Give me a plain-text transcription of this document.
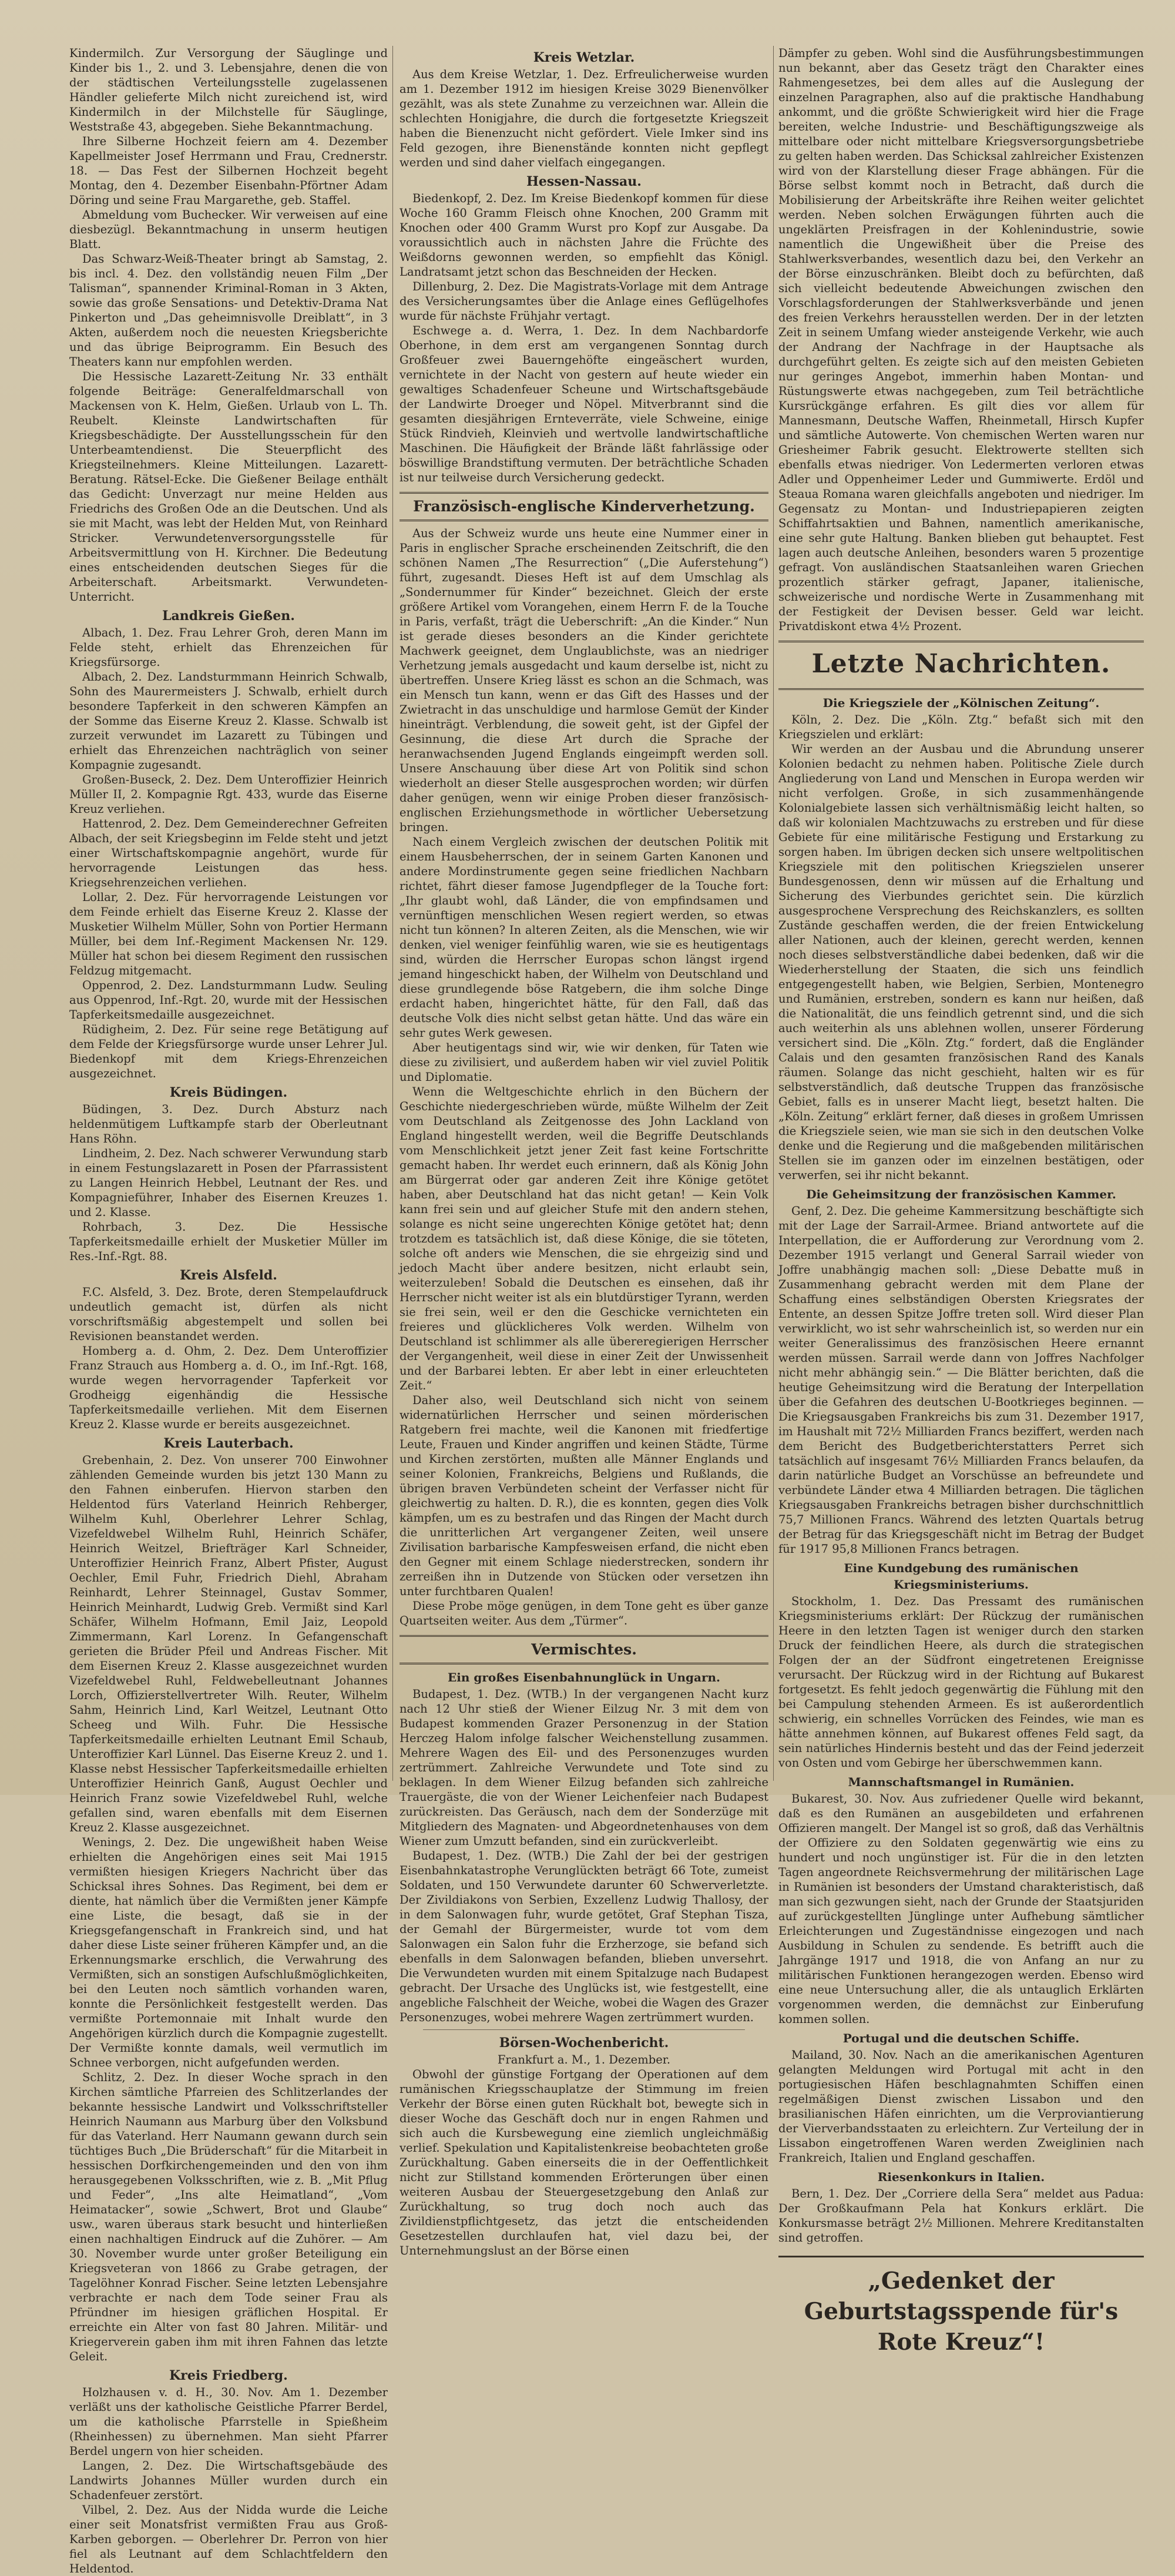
Kindermilch. Zur Versorgung der Säuglinge und Kinder bis 1., 2. und 3. Lebensjahre, denen die von der städtischen Verteilungsstelle zugelassenen Händler gelieferte Milch nicht zureichend ist, wird Kindermilch in der Milchstelle für Säuglinge, Weststraße 43, abgegeben. Siehe Bekanntmachung.

Ihre Silberne Hochzeit feiern am 4. Dezember Kapellmeister Josef Herrmann und Frau, Crednerstr. 18. — Das Fest der Silbernen Hochzeit begeht Montag, den 4. Dezember Eisenbahn-Pförtner Adam Döring und seine Frau Margarethe, geb. Staffel.

Abmeldung vom Buchecker. Wir verweisen auf eine diesbezügl. Bekanntmachung in unserm heutigen Blatt.

Das Schwarz-Weiß-Theater bringt ab Samstag, 2. bis incl. 4. Dez. den vollständig neuen Film „Der Talisman“, spannender Kriminal-Roman in 3 Akten, sowie das große Sensations- und Detektiv-Drama Nat Pinkerton und „Das geheimnisvolle Dreiblatt“, in 3 Akten, außerdem noch die neuesten Kriegsberichte und das übrige Beiprogramm. Ein Besuch des Theaters kann nur empfohlen werden.

Die Hessische Lazarett-Zeitung Nr. 33 enthält folgende Beiträge: Generalfeldmarschall von Mackensen von K. Helm, Gießen. Urlaub von L. Th. Reubelt. Kleinste Landwirtschaften für Kriegsbeschädigte. Der Ausstellungsschein für den Unterbeamtendienst. Die Steuerpflicht des Kriegsteilnehmers. Kleine Mitteilungen. Lazarett-Beratung. Rätsel-Ecke. Die Gießener Beilage enthält das Gedicht: Unverzagt nur meine Helden aus Friedrichs des Großen Ode an die Deutschen. Und als sie mit Macht, was lebt der Helden Mut, von Reinhard Stricker. Verwundetenversorgungsstelle für Arbeitsvermittlung von H. Kirchner. Die Bedeutung eines entscheidenden deutschen Sieges für die Arbeiterschaft. Arbeitsmarkt. Verwundeten-Unterricht.

Landkreis Gießen.

Albach, 1. Dez. Frau Lehrer Groh, deren Mann im Felde steht, erhielt das Ehrenzeichen für Kriegsfürsorge.

Albach, 2. Dez. Landsturmmann Heinrich Schwalb, Sohn des Maurermeisters J. Schwalb, erhielt durch besondere Tapferkeit in den schweren Kämpfen an der Somme das Eiserne Kreuz 2. Klasse. Schwalb ist zurzeit verwundet im Lazarett zu Tübingen und erhielt das Ehrenzeichen nachträglich von seiner Kompagnie zugesandt.

Großen-Buseck, 2. Dez. Dem Unteroffizier Heinrich Müller II, 2. Kompagnie Rgt. 433, wurde das Eiserne Kreuz verliehen.

Hattenrod, 2. Dez. Dem Gemeinderechner Gefreiten Albach, der seit Kriegsbeginn im Felde steht und jetzt einer Wirtschaftskompagnie angehört, wurde für hervorragende Leistungen das hess. Kriegsehrenzeichen verliehen.

Lollar, 2. Dez. Für hervorragende Leistungen vor dem Feinde erhielt das Eiserne Kreuz 2. Klasse der Musketier Wilhelm Müller, Sohn von Portier Hermann Müller, bei dem Inf.-Regiment Mackensen Nr. 129. Müller hat schon bei diesem Regiment den russischen Feldzug mitgemacht.

Oppenrod, 2. Dez. Landsturmmann Ludw. Seuling aus Oppenrod, Inf.-Rgt. 20, wurde mit der Hessischen Tapferkeitsmedaille ausgezeichnet.

Rüdigheim, 2. Dez. Für seine rege Betätigung auf dem Felde der Kriegsfürsorge wurde unser Lehrer Jul. Biedenkopf mit dem Kriegs-Ehrenzeichen ausgezeichnet.

Kreis Büdingen.

Büdingen, 3. Dez. Durch Absturz nach heldenmütigem Luftkampfe starb der Oberleutnant Hans Röhn.

Lindheim, 2. Dez. Nach schwerer Verwundung starb in einem Festungslazarett in Posen der Pfarrassistent zu Langen Heinrich Hebbel, Leutnant der Res. und Kompagnieführer, Inhaber des Eisernen Kreuzes 1. und 2. Klasse.

Rohrbach, 3. Dez. Die Hessische Tapferkeitsmedaille erhielt der Musketier Müller im Res.-Inf.-Rgt. 88.

Kreis Alsfeld.

F.C. Alsfeld, 3. Dez. Brote, deren Stempelaufdruck undeutlich gemacht ist, dürfen als nicht vorschriftsmäßig abgestempelt und sollen bei Revisionen beanstandet werden.

Homberg a. d. Ohm, 2. Dez. Dem Unteroffizier Franz Strauch aus Homberg a. d. O., im Inf.-Rgt. 168, wurde wegen hervorragender Tapferkeit vor Grodheigg eigenhändig die Hessische Tapferkeitsmedaille verliehen. Mit dem Eisernen Kreuz 2. Klasse wurde er bereits ausgezeichnet.

Kreis Lauterbach.

Grebenhain, 2. Dez. Von unserer 700 Einwohner zählenden Gemeinde wurden bis jetzt 130 Mann zu den Fahnen einberufen. Hiervon starben den Heldentod fürs Vaterland Heinrich Rehberger, Wilhelm Kuhl, Oberlehrer Lehrer Schlag, Vizefeldwebel Wilhelm Ruhl, Heinrich Schäfer, Heinrich Weitzel, Briefträger Karl Schneider, Unteroffizier Heinrich Franz, Albert Pfister, August Oechler, Emil Fuhr, Friedrich Diehl, Abraham Reinhardt, Lehrer Steinnagel, Gustav Sommer, Heinrich Meinhardt, Ludwig Greb. Vermißt sind Karl Schäfer, Wilhelm Hofmann, Emil Jaiz, Leopold Zimmermann, Karl Lorenz. In Gefangenschaft gerieten die Brüder Pfeil und Andreas Fischer. Mit dem Eisernen Kreuz 2. Klasse ausgezeichnet wurden Vizefeldwebel Ruhl, Feldwebelleutnant Johannes Lorch, Offizierstellvertreter Wilh. Reuter, Wilhelm Sahm, Heinrich Lind, Karl Weitzel, Leutnant Otto Scheeg und Wilh. Fuhr. Die Hessische Tapferkeitsmedaille erhielten Leutnant Emil Schaub, Unteroffizier Karl Lünnel. Das Eiserne Kreuz 2. und 1. Klasse nebst Hessischer Tapferkeitsmedaille erhielten Unteroffizier Heinrich Ganß, August Oechler und Heinrich Franz sowie Vizefeldwebel Ruhl, welche gefallen sind, waren ebenfalls mit dem Eisernen Kreuz 2. Klasse ausgezeichnet.

Wenings, 2. Dez. Die ungewißheit haben Weise erhielten die Angehörigen eines seit Mai 1915 vermißten hiesigen Kriegers Nachricht über das Schicksal ihres Sohnes. Das Regiment, bei dem er diente, hat nämlich über die Vermißten jener Kämpfe eine Liste, die besagt, daß sie in der Kriegsgefangenschaft in Frankreich sind, und hat daher diese Liste seiner früheren Kämpfer und, an die Erkennungsmarke erschlich, die Verwahrung des Vermißten, sich an sonstigen Aufschlußmöglichkeiten, bei den Leuten noch sämtlich vorhanden waren, konnte die Persönlichkeit festgestellt werden. Das vermißte Portemonnaie mit Inhalt wurde den Angehörigen kürzlich durch die Kompagnie zugestellt. Der Vermißte konnte damals, weil vermutlich im Schnee verborgen, nicht aufgefunden werden.

Schlitz, 2. Dez. In dieser Woche sprach in den Kirchen sämtliche Pfarreien des Schlitzerlandes der bekannte hessische Landwirt und Volksschriftsteller Heinrich Naumann aus Marburg über den Volksbund für das Vaterland. Herr Naumann gewann durch sein tüchtiges Buch „Die Brüderschaft“ für die Mitarbeit in hessischen Dorfkirchengemeinden und den von ihm herausgegebenen Volksschriften, wie z. B. „Mit Pflug und Feder“, „Ins alte Heimatland“, „Vom Heimatacker“, sowie „Schwert, Brot und Glaube“ usw., waren überaus stark besucht und hinterließen einen nachhaltigen Eindruck auf die Zuhörer. — Am 30. November wurde unter großer Beteiligung ein Kriegsveteran von 1866 zu Grabe getragen, der Tagelöhner Konrad Fischer. Seine letzten Lebensjahre verbrachte er nach dem Tode seiner Frau als Pfründner im hiesigen gräflichen Hospital. Er erreichte ein Alter von fast 80 Jahren. Militär- und Kriegerverein gaben ihm mit ihren Fahnen das letzte Geleit.

Kreis Friedberg.

Holzhausen v. d. H., 30. Nov. Am 1. Dezember verläßt uns der katholische Geistliche Pfarrer Berdel, um die katholische Pfarrstelle in Spießheim (Rheinhessen) zu übernehmen. Man sieht Pfarrer Berdel ungern von hier scheiden.

Langen, 2. Dez. Die Wirtschaftsgebäude des Landwirts Johannes Müller wurden durch ein Schadenfeuer zerstört.

Vilbel, 2. Dez. Aus der Nidda wurde die Leiche einer seit Monatsfrist vermißten Frau aus Groß-Karben geborgen. — Oberlehrer Dr. Perron von hier fiel als Leutnant auf dem Schlachtfeldern den Heldentod.

Kreis Wetzlar.

Aus dem Kreise Wetzlar, 1. Dez. Erfreulicherweise wurden am 1. Dezember 1912 im hiesigen Kreise 3029 Bienenvölker gezählt, was als stete Zunahme zu verzeichnen war. Allein die schlechten Honigjahre, die durch die fortgesetzte Kriegszeit haben die Bienenzucht nicht gefördert. Viele Imker sind ins Feld gezogen, ihre Bienenstände konnten nicht gepflegt werden und sind daher vielfach eingegangen.

Hessen-Nassau.

Biedenkopf, 2. Dez. Im Kreise Biedenkopf kommen für diese Woche 160 Gramm Fleisch ohne Knochen, 200 Gramm mit Knochen oder 400 Gramm Wurst pro Kopf zur Ausgabe. Da voraussichtlich auch in nächsten Jahre die Früchte des Weißdorns gewonnen werden, so empfiehlt das Königl. Landratsamt jetzt schon das Beschneiden der Hecken.

Dillenburg, 2. Dez. Die Magistrats-Vorlage mit dem Antrage des Versicherungsamtes über die Anlage eines Geflügelhofes wurde für nächste Frühjahr vertagt.

Eschwege a. d. Werra, 1. Dez. In dem Nachbardorfe Oberhone, in dem erst am vergangenen Sonntag durch Großfeuer zwei Bauerngehöfte eingeäschert wurden, vernichtete in der Nacht von gestern auf heute wieder ein gewaltiges Schadenfeuer Scheune und Wirtschaftsgebäude der Landwirte Droeger und Nöpel. Mitverbrannt sind die gesamten diesjährigen Ernteverräte, viele Schweine, einige Stück Rindvieh, Kleinvieh und wertvolle landwirtschaftliche Maschinen. Die Häufigkeit der Brände läßt fahrlässige oder böswillige Brandstiftung vermuten. Der beträchtliche Schaden ist nur teilweise durch Versicherung gedeckt.

Französisch-englische Kinderverhetzung.

Aus der Schweiz wurde uns heute eine Nummer einer in Paris in englischer Sprache erscheinenden Zeitschrift, die den schönen Namen „The Resurrection“ („Die Auferstehung“) führt, zugesandt. Dieses Heft ist auf dem Umschlag als „Sondernummer für Kinder“ bezeichnet. Gleich der erste größere Artikel vom Vorangehen, einem Herrn F. de la Touche in Paris, verfaßt, trägt die Ueberschrift: „An die Kinder.“ Nun ist gerade dieses besonders an die Kinder gerichtete Machwerk geeignet, dem Unglaublichste, was an niedriger Verhetzung jemals ausgedacht und kaum derselbe ist, nicht zu übertreffen. Unsere Krieg lässt es schon an die Schmach, was ein Mensch tun kann, wenn er das Gift des Hasses und der Zwietracht in das unschuldige und harmlose Gemüt der Kinder hineinträgt. Verblendung, die soweit geht, ist der Gipfel der Gesinnung, die diese Art durch die Sprache der heranwachsenden Jugend Englands eingeimpft werden soll. Unsere Anschauung über diese Art von Politik sind schon wiederholt an dieser Stelle ausgesprochen worden; wir dürfen daher genügen, wenn wir einige Proben dieser französisch-englischen Erziehungsmethode in wörtlicher Uebersetzung bringen.

Nach einem Vergleich zwischen der deutschen Politik mit einem Hausbeherrschen, der in seinem Garten Kanonen und andere Mordinstrumente gegen seine friedlichen Nachbarn richtet, fährt dieser famose Jugendpfleger de la Touche fort: „Ihr glaubt wohl, daß Länder, die von empfindsamen und vernünftigen menschlichen Wesen regiert werden, so etwas nicht tun können? In alteren Zeiten, als die Menschen, wie wir denken, viel weniger feinfühlig waren, wie sie es heutigentags sind, würden die Herrscher Europas schon längst irgend jemand hingeschickt haben, der Wilhelm von Deutschland und diese grundlegende böse Ratgebern, die ihm solche Dinge erdacht haben, hingerichtet hätte, für den Fall, daß das deutsche Volk dies nicht selbst getan hätte. Und das wäre ein sehr gutes Werk gewesen.

Aber heutigentags sind wir, wie wir denken, für Taten wie diese zu zivilisiert, und außerdem haben wir viel zuviel Politik und Diplomatie.

Wenn die Weltgeschichte ehrlich in den Büchern der Geschichte niedergeschrieben würde, müßte Wilhelm der Zeit vom Deutschland als Zeitgenosse des John Lackland von England hingestellt werden, weil die Begriffe Deutschlands vom Menschlichkeit jetzt jener Zeit fast keine Fortschritte gemacht haben. Ihr werdet euch erinnern, daß als König John am Bürgerrat oder gar anderen Zeit ihre Könige getötet haben, aber Deutschland hat das nicht getan! — Kein Volk kann frei sein und auf gleicher Stufe mit den andern stehen, solange es nicht seine ungerechten Könige getötet hat; denn trotzdem es tatsächlich ist, daß diese Könige, die sie töteten, solche oft anders wie Menschen, die sie ehrgeizig sind und jedoch Macht über andere besitzen, nicht erlaubt sein, weiterzuleben! Sobald die Deutschen es einsehen, daß ihr Herrscher nicht weiter ist als ein blutdürstiger Tyrann, werden sie frei sein, weil er den die Geschicke vernichteten ein freieres und glücklicheres Volk werden. Wilhelm von Deutschland ist schlimmer als alle übereregierigen Herrscher der Vergangenheit, weil diese in einer Zeit der Unwissenheit und der Barbarei lebten. Er aber lebt in einer erleuchteten Zeit.“

Daher also, weil Deutschland sich nicht von seinem widernatürlichen Herrscher und seinen mörderischen Ratgebern frei machte, weil die Kanonen mit friedfertige Leute, Frauen und Kinder angriffen und keinen Städte, Türme und Kirchen zerstörten, mußten alle Männer Englands und seiner Kolonien, Frankreichs, Belgiens und Rußlands, die übrigen braven Verbündeten scheint der Verfasser nicht für gleichwertig zu halten. D. R.), die es konnten, gegen dies Volk kämpfen, um es zu bestrafen und das Ringen der Macht durch die unritterlichen Art vergangener Zeiten, weil unsere Zivilisation barbarische Kampfesweisen erfand, die nicht eben den Gegner mit einem Schlage niederstrecken, sondern ihr zerreißen ihn in Dutzende von Stücken oder versetzen ihn unter furchtbaren Qualen!

Diese Probe möge genügen, in dem Tone geht es über ganze Quartseiten weiter. Aus dem „Türmer“.

Vermischtes.
Ein großes Eisenbahnunglück in Ungarn.

Budapest, 1. Dez. (WTB.) In der vergangenen Nacht kurz nach 12 Uhr stieß der Wiener Eilzug Nr. 3 mit dem von Budapest kommenden Grazer Personenzug in der Station Herczeg Halom infolge falscher Weichenstellung zusammen. Mehrere Wagen des Eil- und des Personenzuges wurden zertrümmert. Zahlreiche Verwundete und Tote sind zu beklagen. In dem Wiener Eilzug befanden sich zahlreiche Trauergäste, die von der Wiener Leichenfeier nach Budapest zurückreisten. Das Geräusch, nach dem der Sonderzüge mit Mitgliedern des Magnaten- und Abgeordnetenhauses von dem Wiener zum Umzutt befanden, sind ein zurückverleibt.

Budapest, 1. Dez. (WTB.) Die Zahl der bei der gestrigen Eisenbahnkatastrophe Verunglückten beträgt 66 Tote, zumeist Soldaten, und 150 Verwundete darunter 60 Schwerverletzte. Der Zivildiakons von Serbien, Exzellenz Ludwig Thallosy, der in dem Salonwagen fuhr, wurde getötet, Graf Stephan Tisza, der Gemahl der Bürgermeister, wurde tot vom dem Salonwagen ein Salon fuhr die Erzherzoge, sie befand sich ebenfalls in dem Salonwagen befanden, blieben unversehrt. Die Verwundeten wurden mit einem Spitalzuge nach Budapest gebracht. Der Ursache des Unglücks ist, wie festgestellt, eine angebliche Falschheit der Weiche, wobei die Wagen des Grazer Personenzuges, wobei mehrere Wagen zertrümmert wurden.

Börsen-Wochenbericht.

Frankfurt a. M., 1. Dezember.

Obwohl der günstige Fortgang der Operationen auf dem rumänischen Kriegsschauplatze der Stimmung im freien Verkehr der Börse einen guten Rückhalt bot, bewegte sich in dieser Woche das Geschäft doch nur in engen Rahmen und sich auch die Kursbewegung eine ziemlich ungleichmäßig verlief. Spekulation und Kapitalistenkreise beobachteten große Zurückhaltung. Gaben einerseits die in der Oeffentlichkeit nicht zur Stillstand kommenden Erörterungen über einen weiteren Ausbau der Steuergesetzgebung den Anlaß zur Zurückhaltung, so trug doch noch auch das Zivildienstpflichtgesetz, das jetzt die entscheidenden Gesetzestellen durchlaufen hat, viel dazu bei, der Unternehmungslust an der Börse einen

Dämpfer zu geben. Wohl sind die Ausführungsbestimmungen nun bekannt, aber das Gesetz trägt den Charakter eines Rahmengesetzes, bei dem alles auf die Auslegung der einzelnen Paragraphen, also auf die praktische Handhabung ankommt, und die größte Schwierigkeit wird hier die Frage bereiten, welche Industrie- und Beschäftigungszweige als mittelbare oder nicht mittelbare Kriegsversorgungsbetriebe zu gelten haben werden. Das Schicksal zahlreicher Existenzen wird von der Klarstellung dieser Frage abhängen. Für die Börse selbst kommt noch in Betracht, daß durch die Mobilisierung der Arbeitskräfte ihre Reihen weiter gelichtet werden. Neben solchen Erwägungen führten auch die ungeklärten Preisfragen in der Kohlenindustrie, sowie namentlich die Ungewißheit über die Preise des Stahlwerksverbandes, wesentlich dazu bei, den Verkehr an der Börse einzuschränken. Bleibt doch zu befürchten, daß sich vielleicht bedeutende Abweichungen zwischen den Vorschlagsforderungen der Stahlwerksverbände und jenen des freien Verkehrs herausstellen werden. Der in der letzten Zeit in seinem Umfang wieder ansteigende Verkehr, wie auch der Andrang der Nachfrage in der Hauptsache als durchgeführt gelten. Es zeigte sich auf den meisten Gebieten nur geringes Angebot, immerhin haben Montan- und Rüstungswerte etwas nachgegeben, zum Teil beträchtliche Kursrückgänge erfahren. Es gilt dies vor allem für Mannesmann, Deutsche Waffen, Rheinmetall, Hirsch Kupfer und sämtliche Autowerte. Von chemischen Werten waren nur Griesheimer Fabrik gesucht. Elektrowerte stellten sich ebenfalls etwas niedriger. Von Ledermerten verloren etwas Adler und Oppenheimer Leder und Gummiwerte. Erdöl und Steaua Romana waren gleichfalls angeboten und niedriger. Im Gegensatz zu Montan- und Industriepapieren zeigten Schiffahrtsaktien und Bahnen, namentlich amerikanische, eine sehr gute Haltung. Banken blieben gut behauptet. Fest lagen auch deutsche Anleihen, besonders waren 5 prozentige gefragt. Von ausländischen Staatsanleihen waren Griechen prozentlich stärker gefragt, Japaner, italienische, schweizerische und nordische Werte in Zusammenhang mit der Festigkeit der Devisen besser. Geld war leicht. Privatdiskont etwa 4½ Prozent.

Letzte Nachrichten.
Die Kriegsziele der „Kölnischen Zeitung“.

Köln, 2. Dez. Die „Köln. Ztg.“ befaßt sich mit den Kriegszielen und erklärt:

Wir werden an der Ausbau und die Abrundung unserer Kolonien bedacht zu nehmen haben. Politische Ziele durch Angliederung von Land und Menschen in Europa werden wir nicht verfolgen. Große, in sich zusammenhängende Kolonialgebiete lassen sich verhältnismäßig leicht halten, so daß wir kolonialen Machtzuwachs zu erstreben und für diese Gebiete für eine militärische Festigung und Erstarkung zu sorgen haben. Im übrigen decken sich unsere weltpolitischen Kriegsziele mit den politischen Kriegszielen unserer Bundesgenossen, denn wir müssen auf die Erhaltung und Sicherung des Vierbundes gerichtet sein. Die kürzlich ausgesprochene Versprechung des Reichskanzlers, es sollten Zustände geschaffen werden, die der freien Entwickelung aller Nationen, auch der kleinen, gerecht werden, kennen noch dieses selbstverständliche dabei bedenken, daß wir die Wiederherstellung der Staaten, die sich uns feindlich entgegengestellt haben, wie Belgien, Serbien, Montenegro und Rumänien, erstreben, sondern es kann nur heißen, daß die Nationalität, die uns feindlich getrennt sind, und die sich auch weiterhin als uns ablehnen wollen, unserer Förderung versichert sind. Die „Köln. Ztg.“ fordert, daß die Engländer Calais und den gesamten französischen Rand des Kanals räumen. Solange das nicht geschieht, halten wir es für selbstverständlich, daß deutsche Truppen das französische Gebiet, falls es in unserer Macht liegt, besetzt halten. Die „Köln. Zeitung“ erklärt ferner, daß dieses in großem Umrissen die Kriegsziele seien, wie man sie sich in den deutschen Volke denke und die Regierung und die maßgebenden militärischen Stellen sie im ganzen oder im einzelnen bestätigen, oder verwerfen, sei ihr nicht bekannt.

Die Geheimsitzung der französischen Kammer.

Genf, 2. Dez. Die geheime Kammersitzung beschäftigte sich mit der Lage der Sarrail-Armee. Briand antwortete auf die Interpellation, die er Aufforderung zur Verordnung vom 2. Dezember 1915 verlangt und General Sarrail wieder von Joffre unabhängig machen soll: „Diese Debatte muß in Zusammenhang gebracht werden mit dem Plane der Schaffung eines selbständigen Obersten Kriegsrates der Entente, an dessen Spitze Joffre treten soll. Wird dieser Plan verwirklicht, wo ist sehr wahrscheinlich ist, so werden nur ein weiter Generalissimus des französischen Heere ernannt werden müssen. Sarrail werde dann von Joffres Nachfolger nicht mehr abhängig sein.“ — Die Blätter berichten, daß die heutige Geheimsitzung wird die Beratung der Interpellation über die Gefahren des deutschen U-Bootkrieges beginnen. — Die Kriegsausgaben Frankreichs bis zum 31. Dezember 1917, im Haushalt mit 72½ Milliarden Francs beziffert, werden nach dem Bericht des Budgetberichterstatters Perret sich tatsächlich auf insgesamt 76½ Milliarden Francs belaufen, da darin natürliche Budget an Vorschüsse an befreundete und verbündete Länder etwa 4 Milliarden betragen. Die täglichen Kriegsausgaben Frankreichs betragen bisher durchschnittlich 75,7 Millionen Francs. Während des letzten Quartals betrug der Betrag für das Kriegsgeschäft nicht im Betrag der Budget für 1917 95,8 Millionen Francs betragen.

Eine Kundgebung des rumänischen Kriegsministeriums.

Stockholm, 1. Dez. Das Pressamt des rumänischen Kriegsministeriums erklärt: Der Rückzug der rumänischen Heere in den letzten Tagen ist weniger durch den starken Druck der feindlichen Heere, als durch die strategischen Folgen der an der Südfront eingetretenen Ereignisse verursacht. Der Rückzug wird in der Richtung auf Bukarest fortgesetzt. Es fehlt jedoch gegenwärtig die Fühlung mit den bei Campulung stehenden Armeen. Es ist außerordentlich schwierig, ein schnelles Vorrücken des Feindes, wie man es hätte annehmen können, auf Bukarest offenes Feld sagt, da sein natürliches Hindernis besteht und das der Feind jederzeit von Osten und vom Gebirge her überschwemmen kann.

Mannschaftsmangel in Rumänien.

Bukarest, 30. Nov. Aus zufriedener Quelle wird bekannt, daß es den Rumänen an ausgebildeten und erfahrenen Offizieren mangelt. Der Mangel ist so groß, daß das Verhältnis der Offiziere zu den Soldaten gegenwärtig wie eins zu hundert und noch ungünstiger ist. Für die in den letzten Tagen angeordnete Reichsvermehrung der militärischen Lage in Rumänien ist besonders der Umstand charakteristisch, daß man sich gezwungen sieht, nach der Grunde der Staatsjuriden auf zurückgestellten Jünglinge unter Aufhebung sämtlicher Erleichterungen und Zugeständnisse eingezogen und nach Ausbildung in Schulen zu sendende. Es betrifft auch die Jahrgänge 1917 und 1918, die von Anfang an nur zu militärischen Funktionen herangezogen werden. Ebenso wird eine neue Untersuchung aller, die als untauglich Erklärten vorgenommen werden, die demnächst zur Einberufung kommen sollen.

Portugal und die deutschen Schiffe.

Mailand, 30. Nov. Nach an die amerikanischen Agenturen gelangten Meldungen wird Portugal mit acht in den portugiesischen Häfen beschlagnahmten Schiffen einen regelmäßigen Dienst zwischen Lissabon und den brasilianischen Häfen einrichten, um die Verproviantierung der Vierverbandsstaaten zu erleichtern. Zur Verteilung der in Lissabon eingetroffenen Waren werden Zweiglinien nach Frankreich, Italien und England geschaffen.

Riesenkonkurs in Italien.

Bern, 1. Dez. Der „Corriere della Sera“ meldet aus Padua: Der Großkaufmann Pela hat Konkurs erklärt. Die Konkursmasse beträgt 2½ Millionen. Mehrere Kreditanstalten sind getroffen.

„Gedenket der Geburtstagsspende für's Rote Kreuz“!
